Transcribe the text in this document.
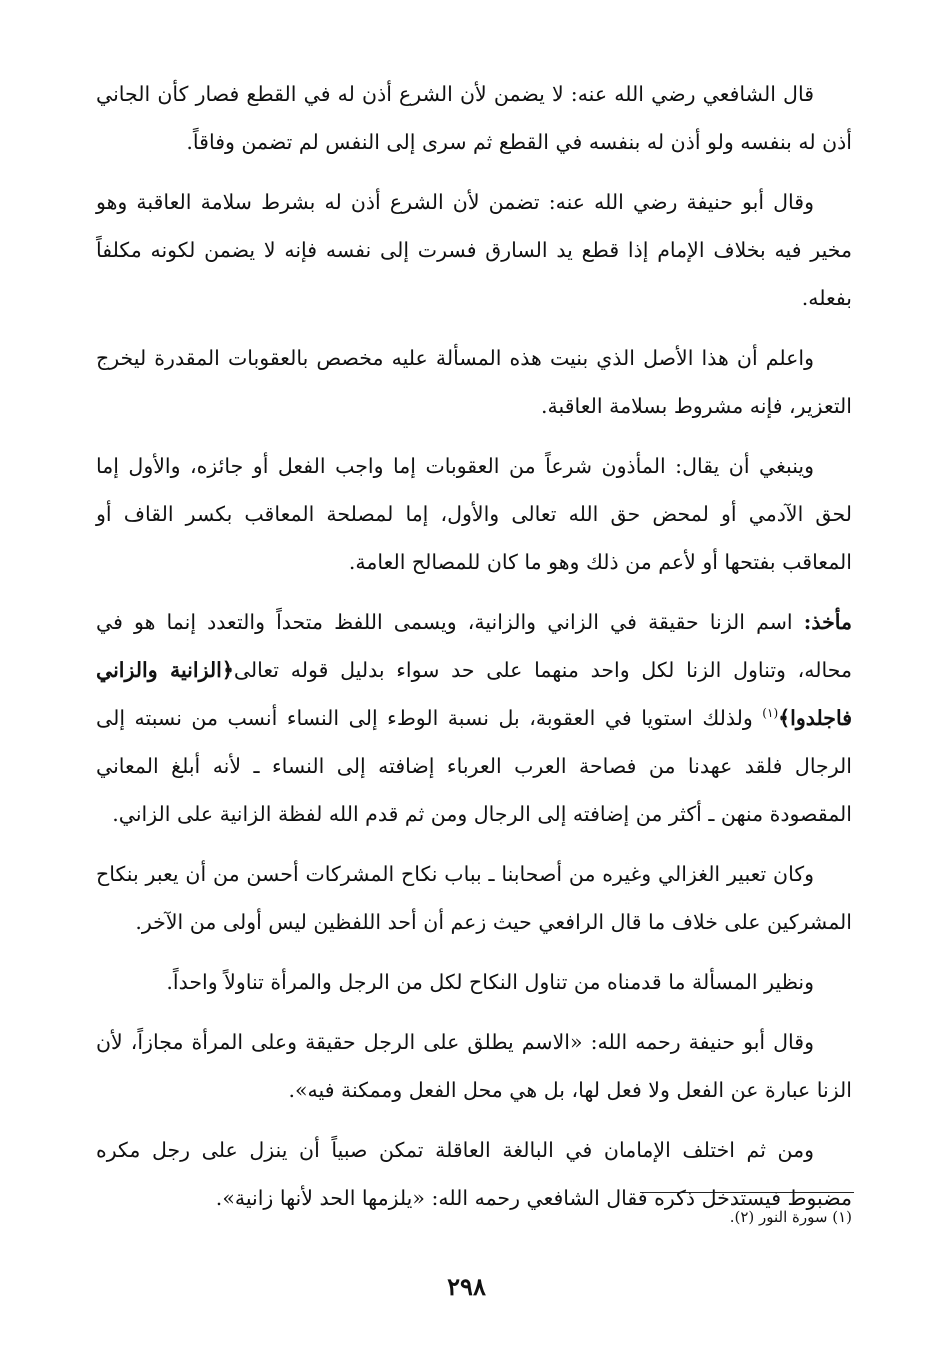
قال الشافعي رضي الله عنه: لا يضمن لأن الشرع أذن له في القطع فصار كأن الجاني أذن له بنفسه ولو أذن له بنفسه في القطع ثم سرى إلى النفس لم تضمن وفاقاً.

وقال أبو حنيفة رضي الله عنه: تضمن لأن الشرع أذن له بشرط سلامة العاقبة وهو مخير فيه بخلاف الإمام إذا قطع يد السارق فسرت إلى نفسه فإنه لا يضمن لكونه مكلفاً بفعله.

واعلم أن هذا الأصل الذي بنيت هذه المسألة عليه مخصص بالعقوبات المقدرة ليخرج التعزير، فإنه مشروط بسلامة العاقبة.

وينبغي أن يقال: المأذون شرعاً من العقوبات إما واجب الفعل أو جائزه، والأول إما لحق الآدمي أو لمحض حق الله تعالى والأول، إما لمصلحة المعاقب بكسر القاف أو المعاقب بفتحها أو لأعم من ذلك وهو ما كان للمصالح العامة.

مأخذ: اسم الزنا حقيقة في الزاني والزانية، ويسمى اللفظ متحداً والتعدد إنما هو في محاله، وتناول الزنا لكل واحد منهما على حد سواء بدليل قوله تعالى﴿الزانية والزاني فاجلدوا﴾$^{(١)}$ ولذلك استويا في العقوبة، بل نسبة الوطء إلى النساء أنسب من نسبته إلى الرجال فلقد عهدنا من فصاحة العرب العرباء إضافته إلى النساء ـ لأنه أبلغ المعاني المقصودة منهن ـ أكثر من إضافته إلى الرجال ومن ثم قدم الله لفظة الزانية على الزاني.

وكان تعبير الغزالي وغيره من أصحابنا ـ بباب نكاح المشركات أحسن من أن يعبر بنكاح المشركين على خلاف ما قال الرافعي حيث زعم أن أحد اللفظين ليس أولى من الآخر.

ونظير المسألة ما قدمناه من تناول النكاح لكل من الرجل والمرأة تناولاً واحداً.

وقال أبو حنيفة رحمه الله: «الاسم يطلق على الرجل حقيقة وعلى المرأة مجازاً، لأن الزنا عبارة عن الفعل ولا فعل لها، بل هي محل الفعل وممكنة فيه».

ومن ثم اختلف الإمامان في البالغة العاقلة تمكن صبياً أن ينزل على رجل مكره مضبوط فيستدخل ذكره فقال الشافعي رحمه الله: «يلزمها الحد لأنها زانية».

(١) سورة النور (٢).
٢٩٨
